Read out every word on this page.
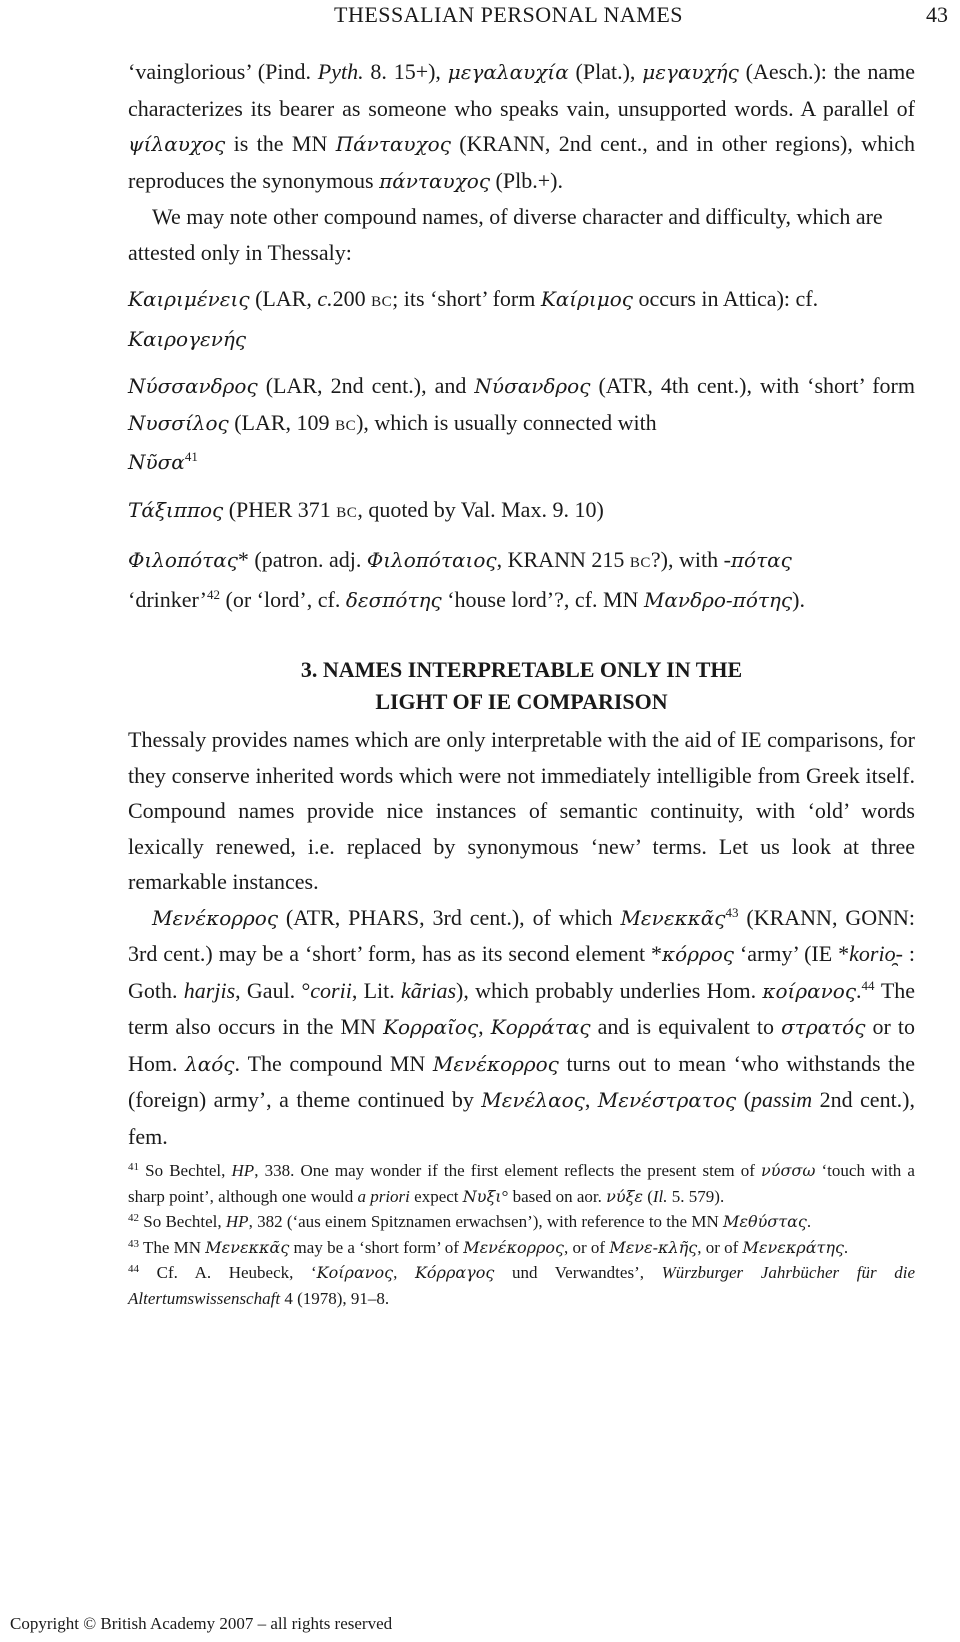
THESSALIAN PERSONAL NAMES	43

‘vainglorious’ (Pind. Pyth. 8. 15+), μεγαλαυχία (Plat.), μεγαυχής (Aesch.): the name characterizes its bearer as someone who speaks vain, unsupported words. A parallel of ψίλαυχος is the MN Πάνταυχος (KRANN, 2nd cent., and in other regions), which reproduces the synonymous πάνταυχος (Plb.+).

We may note other compound names, of diverse character and difficulty, which are attested only in Thessaly:

Καιριμένεις (LAR, c.200 BC; its ‘short’ form Καίριμος occurs in Attica): cf.
Καιρογενής

Νύσσανδρος (LAR, 2nd cent.), and Νύσανδρος (ATR, 4th cent.), with ‘short’ form Νυσσίλος (LAR, 109 BC), which is usually connected with
Νῦσα$^{41}$

Τάξιππος (PHER 371 BC, quoted by Val. Max. 9. 10)

Φιλοπότας* (patron. adj. Φιλοπόταιος, KRANN 215 BC?), with -πότας
‘drinker’$^{42}$ (or ‘lord’, cf. δεσπότης ‘house lord’?, cf. MN Μανδρο-πότης).

3. NAMES INTERPRETABLE ONLY IN THE
LIGHT OF IE COMPARISON

Thessaly provides names which are only interpretable with the aid of IE comparisons, for they conserve inherited words which were not immediately intelligible from Greek itself. Compound names provide nice instances of semantic continuity, with ‘old’ words lexically renewed, i.e. replaced by synonymous ‘new’ terms. Let us look at three remarkable instances.

Μενέκορρος (ATR, PHARS, 3rd cent.), of which Μενεκκᾶς$^{43}$ (KRANN, GONN: 3rd cent.) may be a ‘short’ form, has as its second element *κόρρος ‘army’ (IE *korio̯- : Goth. harjis, Gaul. °corii, Lit. kãrias), which probably underlies Hom. κοίρανος.$^{44}$ The term also occurs in the MN Κορραῖος, Κορράτας and is equivalent to στρατός or to Hom. λαός. The compound MN Μενέκορρος turns out to mean ‘who withstands the (foreign) army’, a theme continued by Μενέλαος, Μενέστρατος (passim 2nd cent.), fem.

$^{41}$ So Bechtel, HP, 338. One may wonder if the first element reflects the present stem of νύσσω ‘touch with a sharp point’, although one would a priori expect Νυξι° based on aor. νύξε (Il. 5. 579).

$^{42}$ So Bechtel, HP, 382 (‘aus einem Spitznamen erwachsen’), with reference to the MN Μεθύστας.

$^{43}$ The MN Μενεκκᾶς may be a ‘short form’ of Μενέκορρος, or of Μενε-κλῆς, or of Μενεκράτης.

$^{44}$ Cf. A. Heubeck, ‘Κοίρανος, Κόρραγος und Verwandtes’, Würzburger Jahrbücher für die Altertumswissenschaft 4 (1978), 91–8.

Copyright © British Academy 2007 – all rights reserved
